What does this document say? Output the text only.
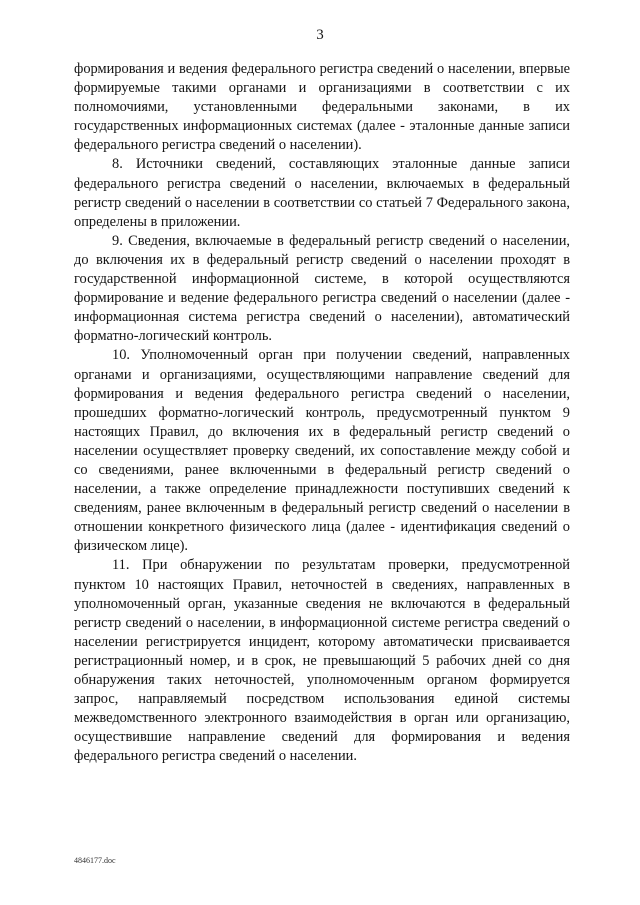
3

формирования и ведения федерального регистра сведений о населении, впервые формируемые такими органами и организациями в соответствии с их полномочиями, установленными федеральными законами, в их государственных информационных системах (далее - эталонные данные записи федерального регистра сведений о населении).

8. Источники сведений, составляющих эталонные данные записи федерального регистра сведений о населении, включаемых в федеральный регистр сведений о населении в соответствии со статьей 7 Федерального закона, определены в приложении.

9. Сведения, включаемые в федеральный регистр сведений о населении, до включения их в федеральный регистр сведений о населении проходят в государственной информационной системе, в которой осуществляются формирование и ведение федерального регистра сведений о населении (далее - информационная система регистра сведений о населении), автоматический форматно-логический контроль.

10. Уполномоченный орган при получении сведений, направленных органами и организациями, осуществляющими направление сведений для формирования и ведения федерального регистра сведений о населении, прошедших форматно-логический контроль, предусмотренный пунктом 9 настоящих Правил, до включения их в федеральный регистр сведений о населении осуществляет проверку сведений, их сопоставление между собой и со сведениями, ранее включенными в федеральный регистр сведений о населении, а также определение принадлежности поступивших сведений к сведениям, ранее включенным в федеральный регистр сведений о населении в отношении конкретного физического лица (далее - идентификация сведений о физическом лице).

11. При обнаружении по результатам проверки, предусмотренной пунктом 10 настоящих Правил, неточностей в сведениях, направленных в уполномоченный орган, указанные сведения не включаются в федеральный регистр сведений о населении, в информационной системе регистра сведений о населении регистрируется инцидент, которому автоматически присваивается регистрационный номер, и в срок, не превышающий 5 рабочих дней со дня обнаружения таких неточностей, уполномоченным органом формируется запрос, направляемый посредством использования единой системы межведомственного электронного взаимодействия в орган или организацию, осуществившие направление сведений для формирования и ведения федерального регистра сведений о населении.

4846177.doc
